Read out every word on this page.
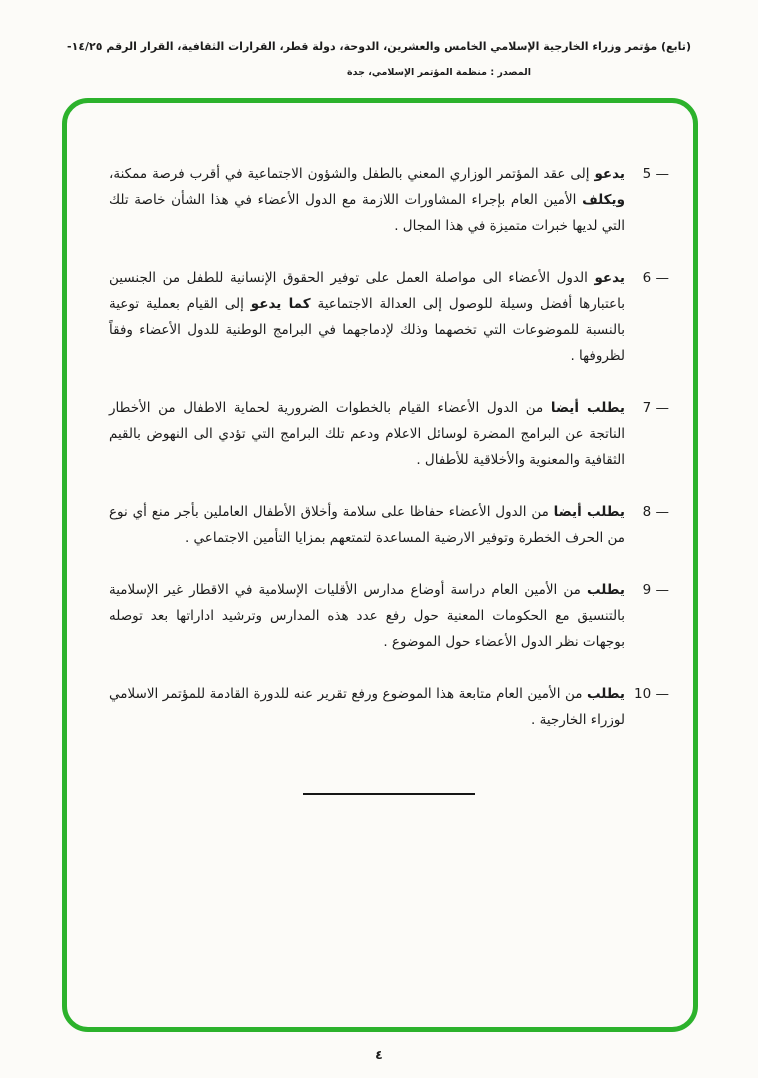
(تابع) مؤتمر وزراء الخارجية الإسلامي الخامس والعشرين، الدوحة، دولة قطر، القرارات الثقافية، القرار الرقم ١٤/٢٥-
المصدر : منظمة المؤتمر الإسلامي، جدة
5 —
يدعو إلى عقد المؤتمر الوزاري المعني بالطفل والشؤون الاجتماعية في أقرب فرصة ممكنة، ويكلف الأمين العام بإجراء المشاورات اللازمة مع الدول الأعضاء في هذا الشأن خاصة تلك التي لديها خبرات متميزة في هذا المجال .
6 —
يدعو الدول الأعضاء الى مواصلة العمل على توفير الحقوق الإنسانية للطفل من الجنسين باعتبارها أفضل وسيلة للوصول إلى العدالة الاجتماعية كما يدعو إلى القيام بعملية توعية بالنسبة للموضوعات التي تخصهما وذلك لإدماجهما في البرامج الوطنية للدول الأعضاء وفقاً لظروفها .
7 —
يطلب أيضا من الدول الأعضاء القيام بالخطوات الضرورية لحماية الاطفال من الأخطار الناتجة عن البرامج المضرة لوسائل الاعلام ودعم تلك البرامج التي تؤدي الى النهوض بالقيم الثقافية والمعنوية والأخلاقية للأطفال .
8 —
يطلب أيضا من الدول الأعضاء حفاظا على سلامة وأخلاق الأطفال العاملين بأجر منع أي نوع من الحرف الخطرة وتوفير الارضية المساعدة لتمتعهم بمزايا التأمين الاجتماعي .
9 —
يطلب من الأمين العام دراسة أوضاع مدارس الأقليات الإسلامية في الاقطار غير الإسلامية بالتنسيق مع الحكومات المعنية حول رفع عدد هذه المدارس وترشيد اداراتها بعد توصله بوجهات نظر الدول الأعضاء حول الموضوع .
10 —
يطلب من الأمين العام متابعة هذا الموضوع ورفع تقرير عنه للدورة القادمة للمؤتمر الاسلامي لوزراء الخارجية .
٤
